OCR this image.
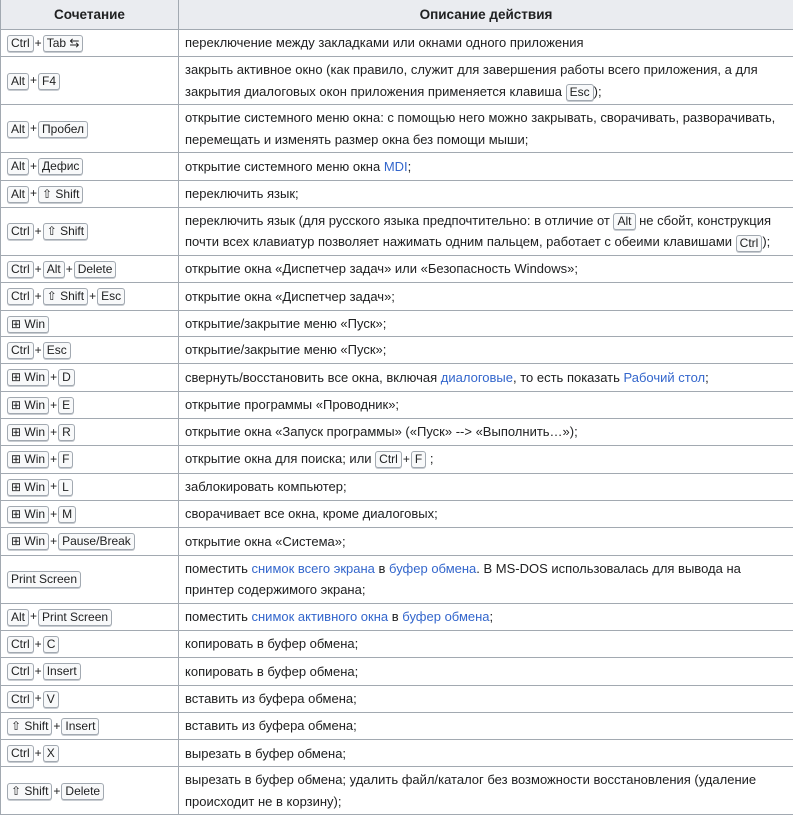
Сочетание	Описание действия
Ctrl + Tab ⇆	переключение между закладками или окнами одного приложения
Alt + F4	закрыть активное окно (как правило, служит для завершения работы всего приложения, а для закрытия диалоговых окон приложения применяется клавиша Esc );
Alt + Пробел	открытие системного меню окна: с помощью него можно закрывать, сворачивать, разворачивать, перемещать и изменять размер окна без помощи мыши;
Alt + Дефис	открытие системного меню окна MDI;
Alt + ⇧ Shift	переключить язык;
Ctrl + ⇧ Shift	переключить язык (для русского языка предпочтительно: в отличие от Alt не сбойт, конструкция почти всех клавиатур позволяет нажимать одним пальцем, работает с обеими клавишами Ctrl );
Ctrl + Alt + Delete	открытие окна «Диспетчер задач» или «Безопасность Windows»;
Ctrl + ⇧ Shift + Esc	открытие окна «Диспетчер задач»;
⊞ Win	открытие/закрытие меню «Пуск»;
Ctrl + Esc	открытие/закрытие меню «Пуск»;
⊞ Win + D	свернуть/восстановить все окна, включая диалоговые, то есть показать Рабочий стол;
⊞ Win + E	открытие программы «Проводник»;
⊞ Win + R	открытие окна «Запуск программы» («Пуск» --> «Выполнить…»);
⊞ Win + F	открытие окна для поиска; или Ctrl + F ;
⊞ Win + L	заблокировать компьютер;
⊞ Win + M	сворачивает все окна, кроме диалоговых;
⊞ Win + Pause/Break	открытие окна «Система»;
Print Screen	поместить снимок всего экрана в буфер обмена. В MS-DOS использовалась для вывода на принтер содержимого экрана;
Alt + Print Screen	поместить снимок активного окна в буфер обмена;
Ctrl + C	копировать в буфер обмена;
Ctrl + Insert	копировать в буфер обмена;
Ctrl + V	вставить из буфера обмена;
⇧ Shift + Insert	вставить из буфера обмена;
Ctrl + X	вырезать в буфер обмена;
⇧ Shift + Delete	вырезать в буфер обмена; удалить файл/каталог без возможности восстановления (удаление происходит не в корзину);
